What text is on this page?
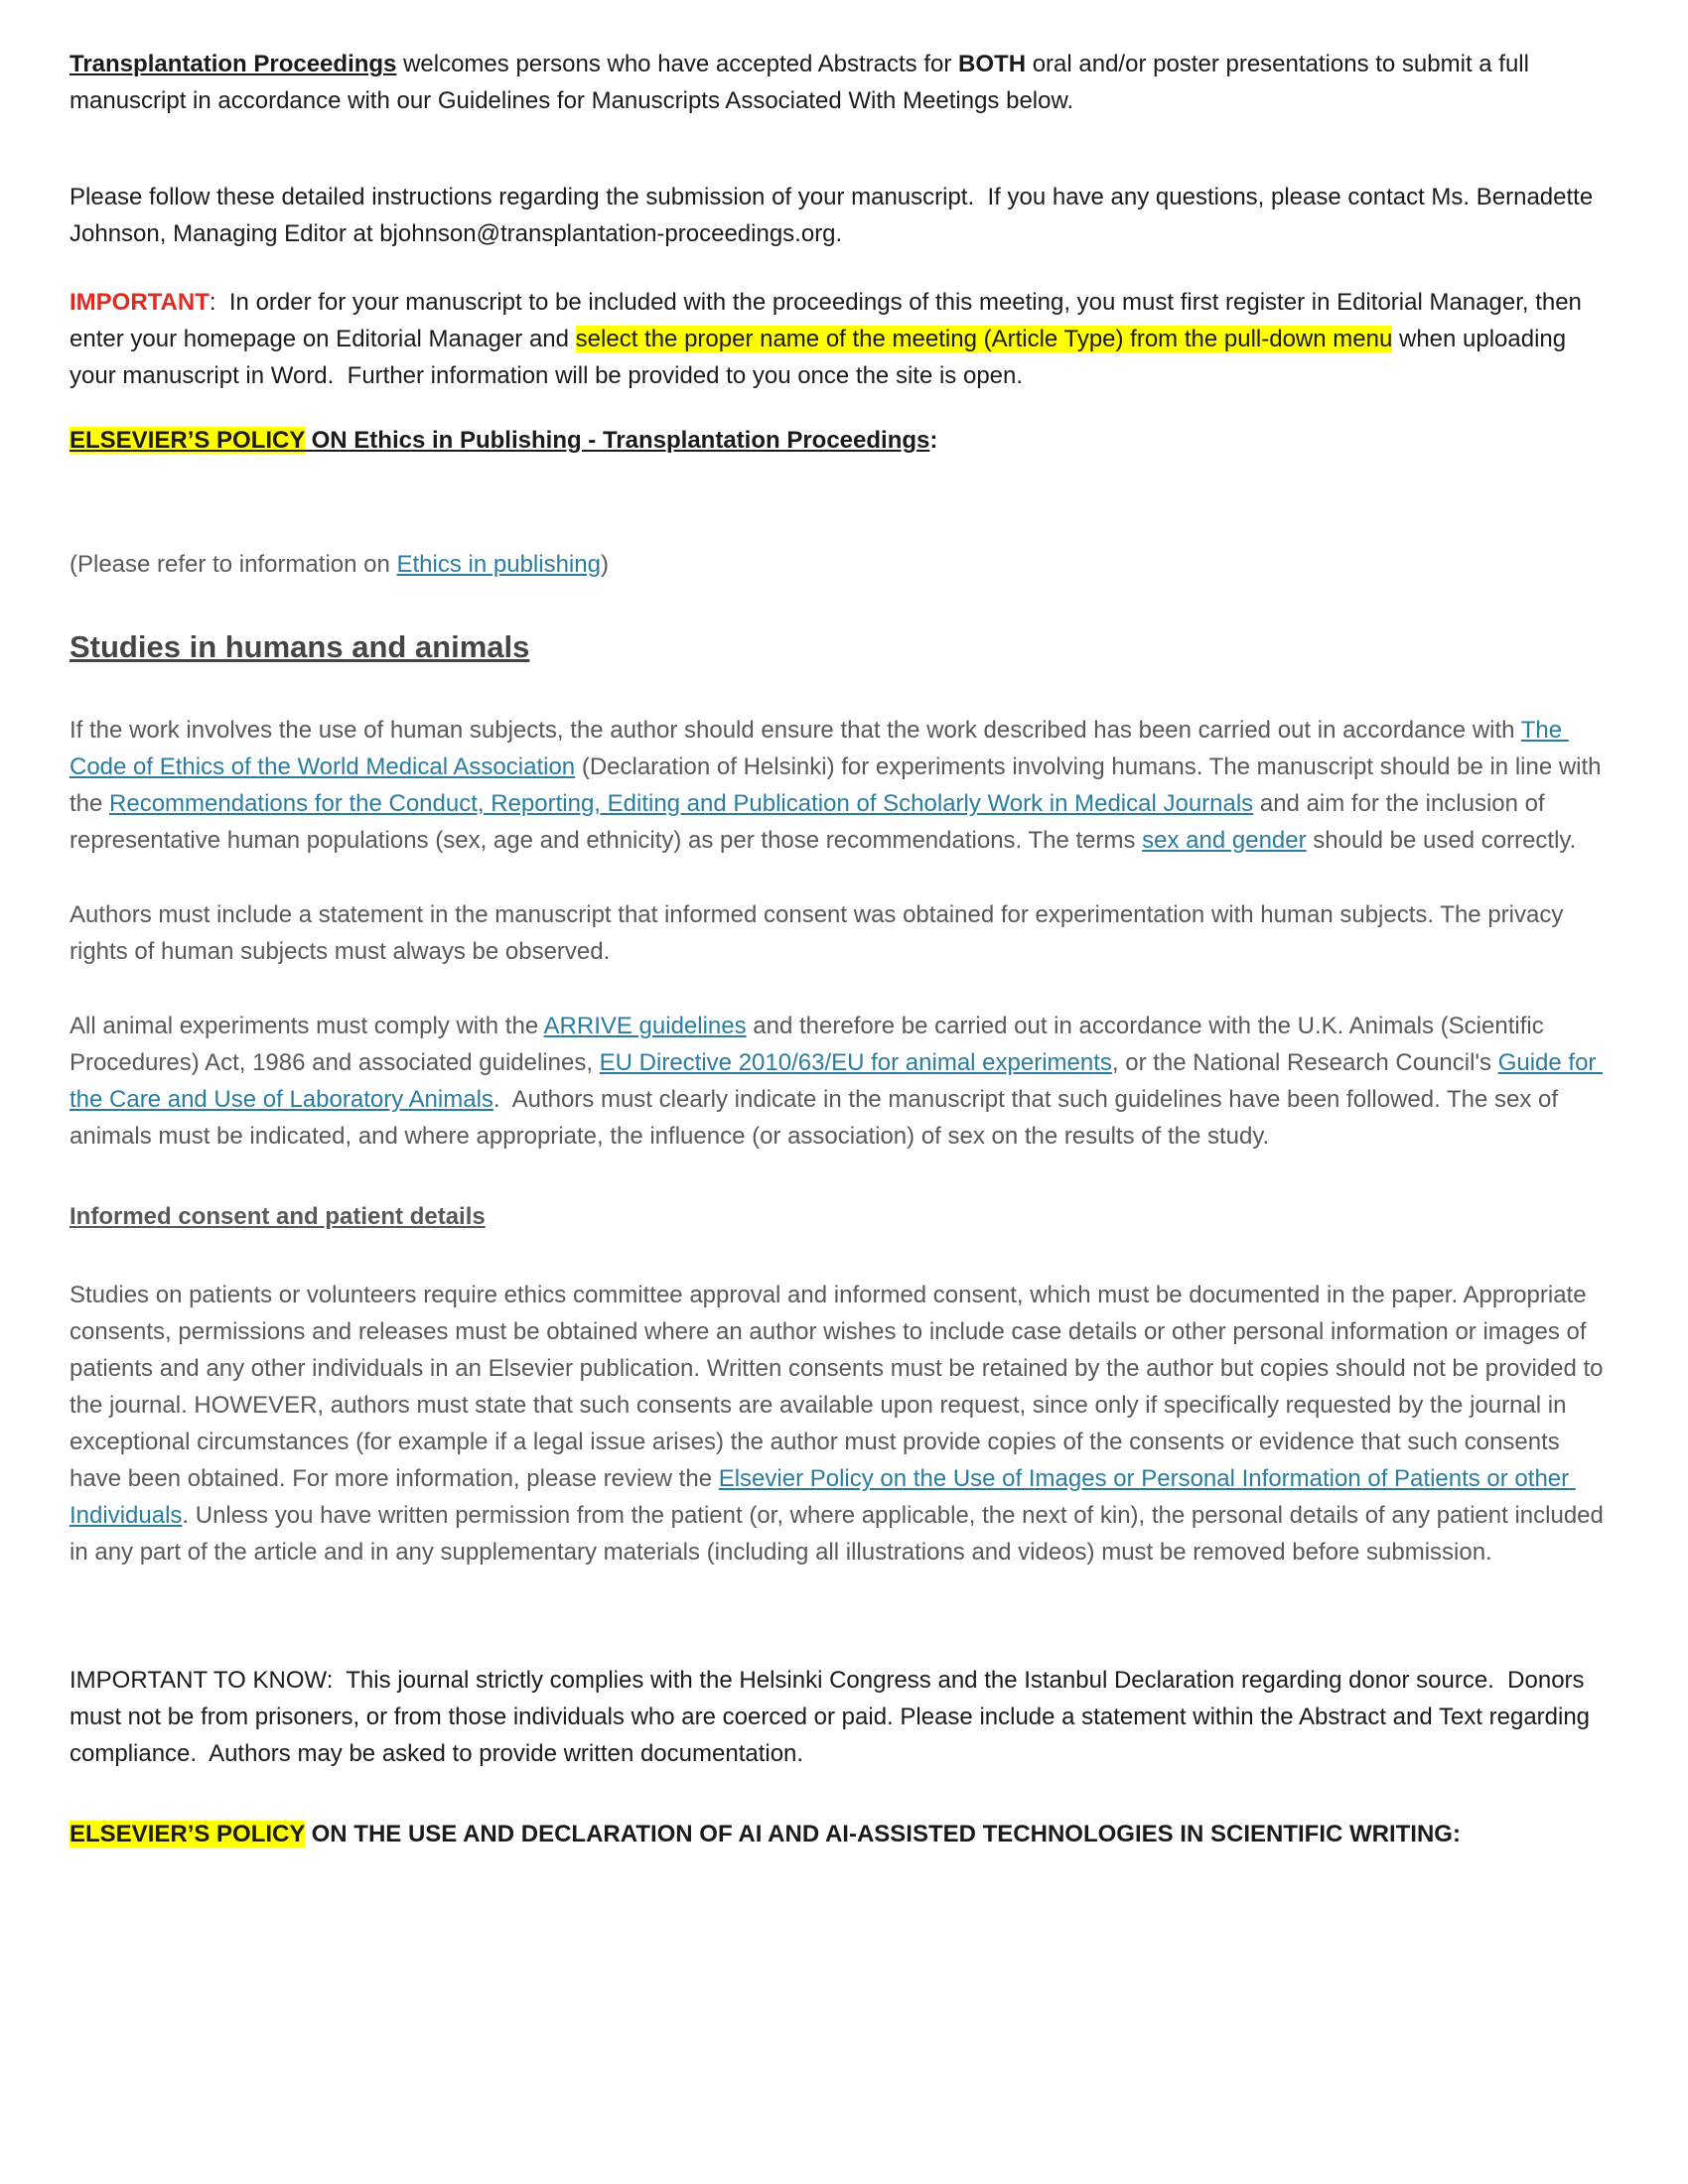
Transplantation Proceedings welcomes persons who have accepted Abstracts for BOTH oral and/or poster presentations to submit a full manuscript in accordance with our Guidelines for Manuscripts Associated With Meetings below.
Please follow these detailed instructions regarding the submission of your manuscript.  If you have any questions, please contact Ms. Bernadette Johnson, Managing Editor at bjohnson@transplantation-proceedings.org.
IMPORTANT:  In order for your manuscript to be included with the proceedings of this meeting, you must first register in Editorial Manager, then enter your homepage on Editorial Manager and select the proper name of the meeting (Article Type) from the pull-down menu when uploading your manuscript in Word.  Further information will be provided to you once the site is open.
ELSEVIER’S POLICY ON Ethics in Publishing - Transplantation Proceedings:
(Please refer to information on Ethics in publishing)
Studies in humans and animals
If the work involves the use of human subjects, the author should ensure that the work described has been carried out in accordance with The Code of Ethics of the World Medical Association (Declaration of Helsinki) for experiments involving humans. The manuscript should be in line with the Recommendations for the Conduct, Reporting, Editing and Publication of Scholarly Work in Medical Journals and aim for the inclusion of representative human populations (sex, age and ethnicity) as per those recommendations. The terms sex and gender should be used correctly.
Authors must include a statement in the manuscript that informed consent was obtained for experimentation with human subjects. The privacy rights of human subjects must always be observed.
All animal experiments must comply with the ARRIVE guidelines and therefore be carried out in accordance with the U.K. Animals (Scientific Procedures) Act, 1986 and associated guidelines, EU Directive 2010/63/EU for animal experiments, or the National Research Council's Guide for the Care and Use of Laboratory Animals.  Authors must clearly indicate in the manuscript that such guidelines have been followed. The sex of animals must be indicated, and where appropriate, the influence (or association) of sex on the results of the study.
Informed consent and patient details
Studies on patients or volunteers require ethics committee approval and informed consent, which must be documented in the paper. Appropriate consents, permissions and releases must be obtained where an author wishes to include case details or other personal information or images of patients and any other individuals in an Elsevier publication. Written consents must be retained by the author but copies should not be provided to the journal. HOWEVER, authors must state that such consents are available upon request, since only if specifically requested by the journal in exceptional circumstances (for example if a legal issue arises) the author must provide copies of the consents or evidence that such consents have been obtained. For more information, please review the Elsevier Policy on the Use of Images or Personal Information of Patients or other Individuals. Unless you have written permission from the patient (or, where applicable, the next of kin), the personal details of any patient included in any part of the article and in any supplementary materials (including all illustrations and videos) must be removed before submission.
IMPORTANT TO KNOW:  This journal strictly complies with the Helsinki Congress and the Istanbul Declaration regarding donor source.  Donors must not be from prisoners, or from those individuals who are coerced or paid. Please include a statement within the Abstract and Text regarding compliance.  Authors may be asked to provide written documentation.
ELSEVIER’S POLICY ON THE USE AND DECLARATION OF AI AND AI-ASSISTED TECHNOLOGIES IN SCIENTIFIC WRITING:
